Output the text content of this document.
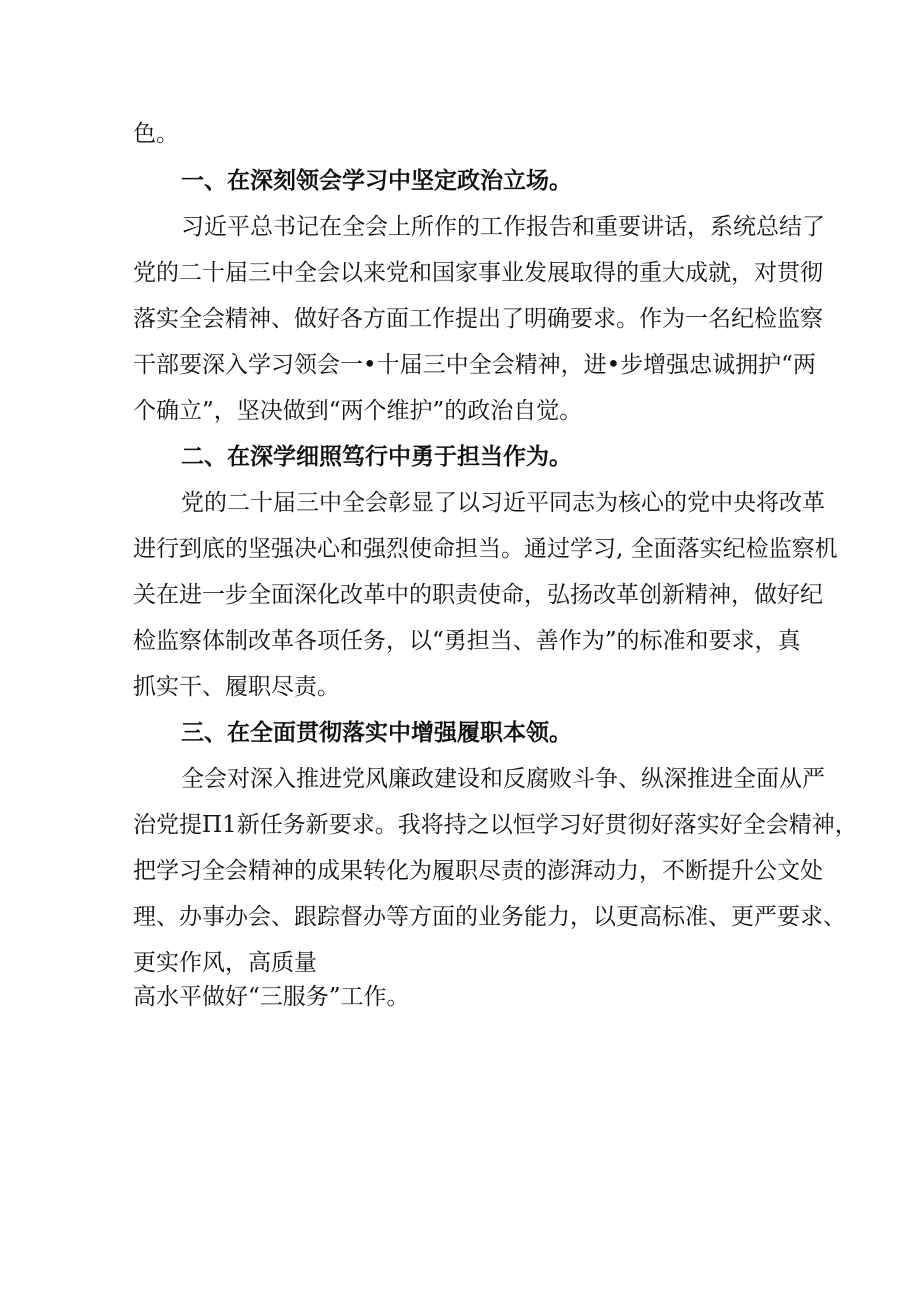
色。
一、在深刻领会学习中坚定政治立场。
习近平总书记在全会上所作的工作报告和重要讲话，系统总结了
党的二十届三中全会以来党和国家事业发展取得的重大成就，对贯彻
落实全会精神、做好各方面工作提出了明确要求。作为一名纪检监察
干部要深入学习领会一•十届三中全会精神，进•步增强忠诚拥护“两
个确立”，坚决做到“两个维护”的政治自觉。
二、在深学细照笃行中勇于担当作为。
党的二十届三中全会彰显了以习近平同志为核心的党中央将改革
进行到底的坚强决心和强烈使命担当。通过学习, 全面落实纪检监察机
关在进一步全面深化改革中的职责使命，弘扬改革创新精神，做好纪
检监察体制改革各项任务，以“勇担当、善作为”的标准和要求，真
抓实干、履职尽责。
三、在全面贯彻落实中增强履职本领。
全会对深入推进党风廉政建设和反腐败斗争、纵深推进全面从严
治党提Π1新任务新要求。我将持之以恒学习好贯彻好落实好全会精神，
把学习全会精神的成果转化为履职尽责的澎湃动力，不断提升公文处
理、办事办会、跟踪督办等方面的业务能力，以更高标准、更严要求、
更实作风，高质量
高水平做好“三服务”工作。
